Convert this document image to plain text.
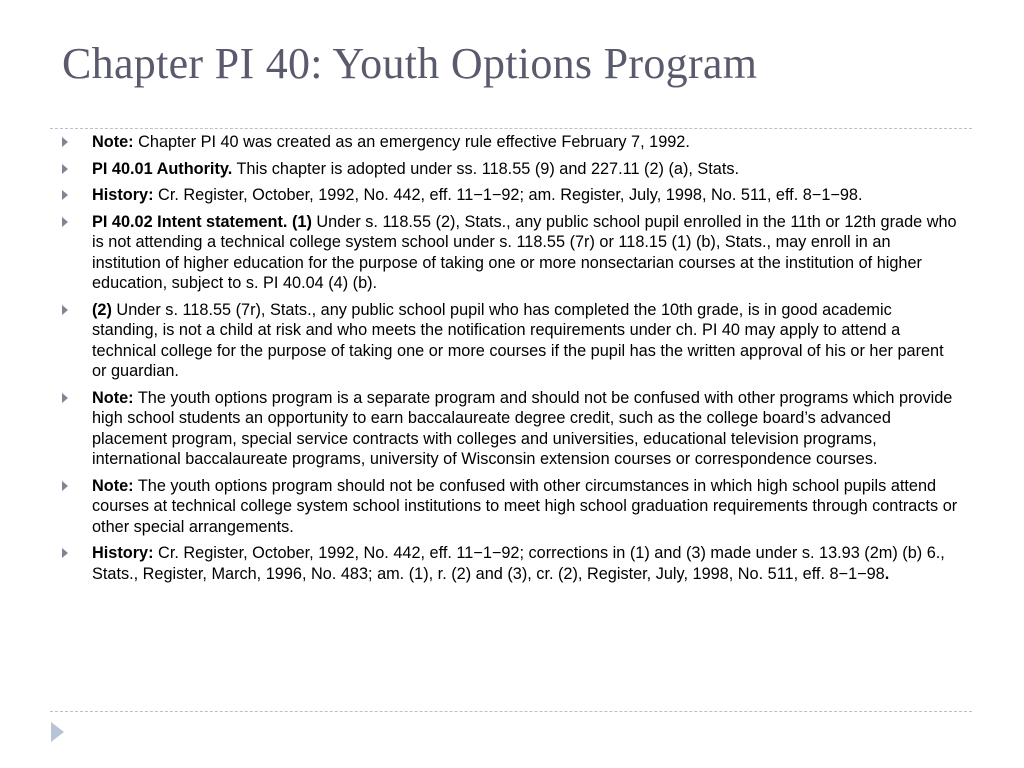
Chapter PI 40: Youth Options Program
Note: Chapter PI 40 was created as an emergency rule effective February 7, 1992.
PI 40.01 Authority. This chapter is adopted under ss. 118.55 (9) and 227.11 (2) (a), Stats.
History: Cr. Register, October, 1992, No. 442, eff. 11−1−92; am. Register, July, 1998, No. 511, eff. 8−1−98.
PI 40.02 Intent statement. (1) Under s. 118.55 (2), Stats., any public school pupil enrolled in the 11th or 12th grade who is not attending a technical college system school under s. 118.55 (7r) or 118.15 (1) (b), Stats., may enroll in an institution of higher education for the purpose of taking one or more nonsectarian courses at the institution of higher education, subject to s. PI 40.04 (4) (b).
(2) Under s. 118.55 (7r), Stats., any public school pupil who has completed the 10th grade, is in good academic standing, is not a child at risk and who meets the notification requirements under ch. PI 40 may apply to attend a technical college for the purpose of taking one or more courses if the pupil has the written approval of his or her parent or guardian.
Note: The youth options program is a separate program and should not be confused with other programs which provide high school students an opportunity to earn baccalaureate degree credit, such as the college board’s advanced placement program, special service contracts with colleges and universities, educational television programs, international baccalaureate programs, university of Wisconsin extension courses or correspondence courses.
Note: The youth options program should not be confused with other circumstances in which high school pupils attend courses at technical college system school institutions to meet high school graduation requirements through contracts or other special arrangements.
History: Cr. Register, October, 1992, No. 442, eff. 11−1−92; corrections in (1) and (3) made under s. 13.93 (2m) (b) 6., Stats., Register, March, 1996, No. 483; am. (1), r. (2) and (3), cr. (2), Register, July, 1998, No. 511, eff. 8−1−98.
